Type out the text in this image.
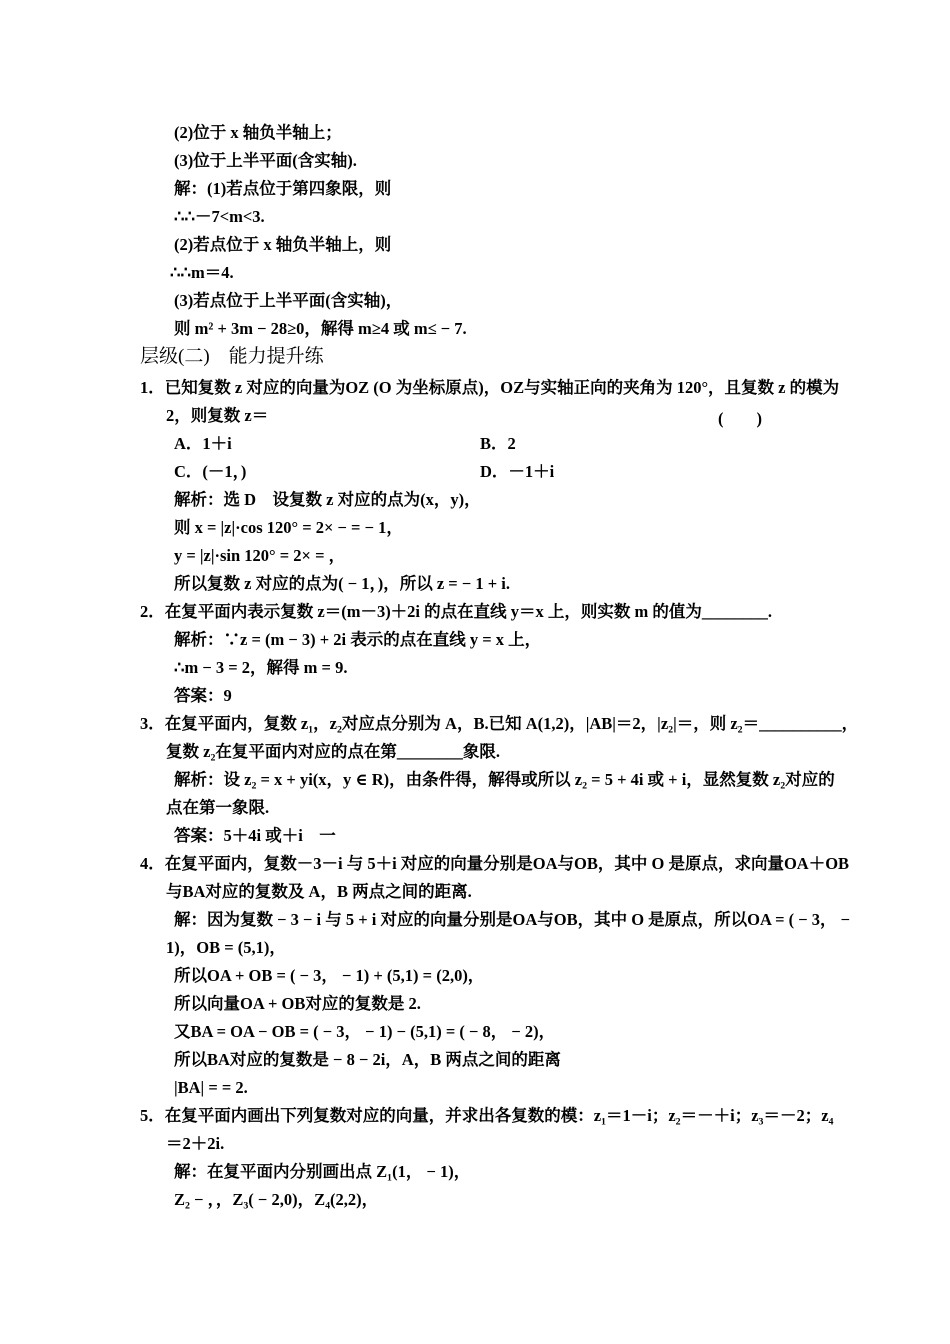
(2)位于 x 轴负半轴上；
(3)位于上半平面(含实轴).
解：(1)若点位于第四象限，则
∴∴－7<m<3.
(2)若点位于 x 轴负半轴上，则
∴∴m＝4.
(3)若点位于上半平面(含实轴)，
则 m² + 3m − 28≥0，解得 m≥4 或 m≤ − 7.
层级(二)　能力提升练
1．已知复数 z 对应的向量为OZ (O 为坐标原点)，OZ与实轴正向的夹角为 120°，且复数 z 的模为
2，则复数 z＝	(　　)
A．1＋i	B．2
C．(－1，)	D．－1＋i
解析：选 D　设复数 z 对应的点为(x，y)，
则 x = |z|·cos 120° = 2× − = − 1，
y = |z|·sin 120° = 2× = ，
所以复数 z 对应的点为( − 1，)，所以 z = − 1 + i.
2．在复平面内表示复数 z＝(m－3)＋2i 的点在直线 y＝x 上，则实数 m 的值为________.
解析：∵z = (m − 3) + 2i 表示的点在直线 y = x 上，
∴m − 3 = 2，解得 m = 9.
答案：9
3．在复平面内，复数 z₁，z₂对应点分别为 A，B.已知 A(1,2)，|AB|＝2，|z₂|＝，则 z₂＝__________，
复数 z₂在复平面内对应的点在第________象限.
解析：设 z₂ = x + yi(x，y ∈ R)，由条件得，解得或所以 z₂ = 5 + 4i 或 + i，显然复数 z₂对应的
点在第一象限.
答案：5＋4i 或＋i　一
4．在复平面内，复数－3－i 与 5＋i 对应的向量分别是OA与OB，其中 O 是原点，求向量OA＋OB
与BA对应的复数及 A，B 两点之间的距离.
解：因为复数 − 3 − i 与 5 + i 对应的向量分别是OA与OB，其中 O 是原点，所以OA = ( − 3， −
1)，OB = (5,1)，
所以OA + OB = ( − 3， − 1) + (5,1) = (2,0)，
所以向量OA + OB对应的复数是 2.
又BA = OA − OB = ( − 3， − 1) − (5,1) = ( − 8， − 2)，
所以BA对应的复数是 − 8 − 2i，A，B 两点之间的距离
|BA| = = 2.
5．在复平面内画出下列复数对应的向量，并求出各复数的模：z₁＝1－i；z₂＝－＋i；z₃＝－2；z₄
＝2＋2i.
解：在复平面内分别画出点 Z₁(1， − 1)，
Z₂ − ，，Z₃( − 2,0)，Z₄(2,2)，
